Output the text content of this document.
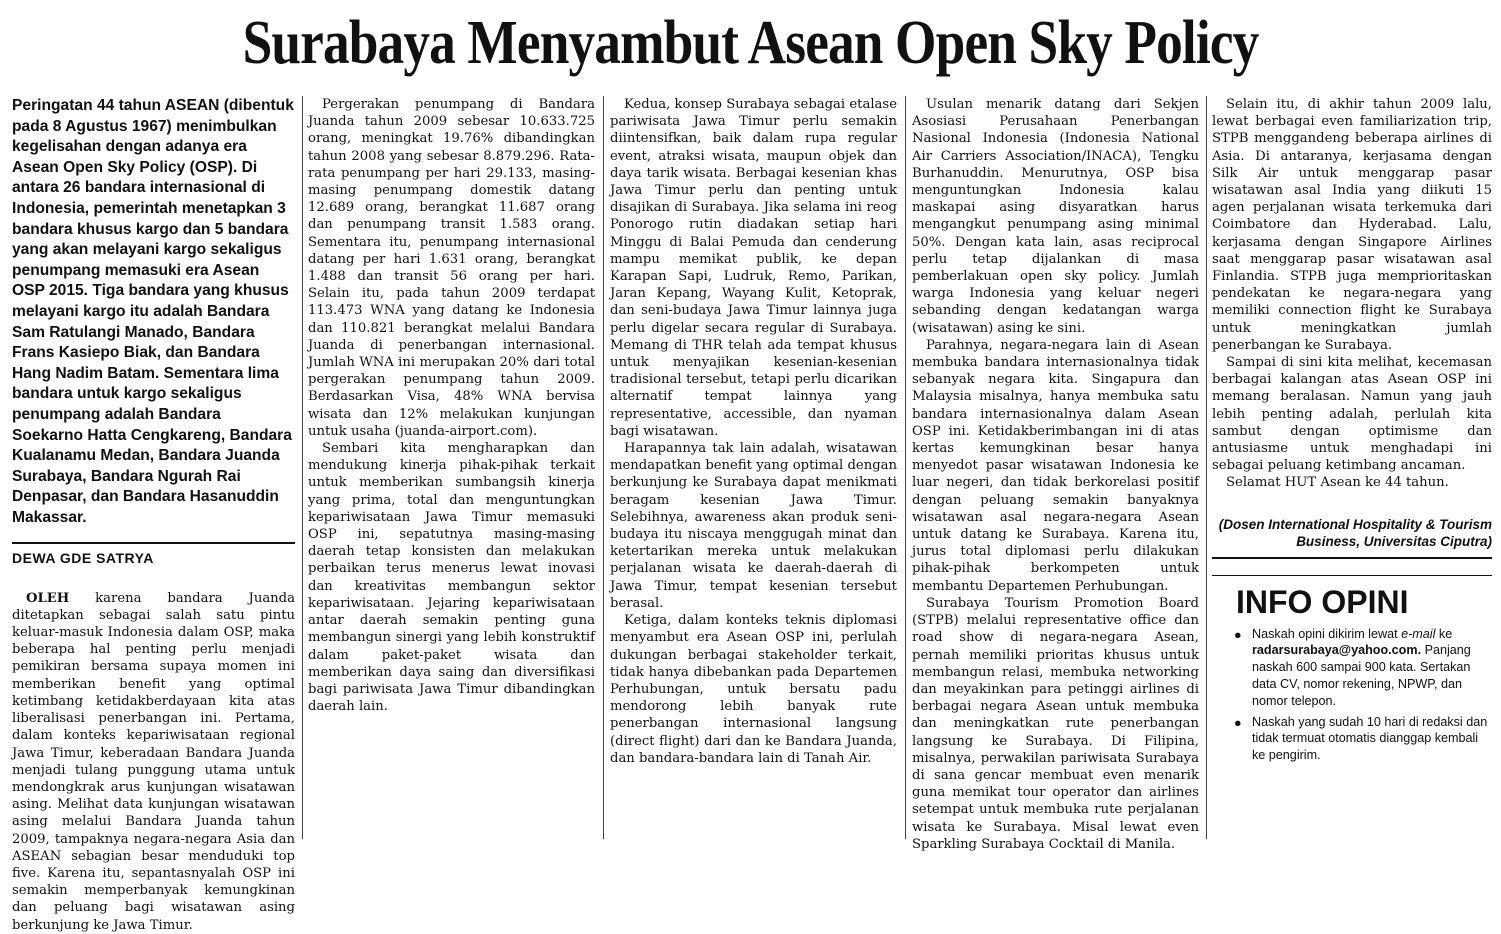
Surabaya Menyambut Asean Open Sky Policy

Peringatan 44 tahun ASEAN (dibentuk pada 8 Agustus 1967) menimbulkan kegelisahan dengan adanya era Asean Open Sky Policy (OSP). Di antara 26 bandara internasional di Indonesia, pemerintah menetapkan 3 bandara khusus kargo dan 5 bandara yang akan melayani kargo sekaligus penumpang memasuki era Asean OSP 2015. Tiga bandara yang khusus melayani kargo itu adalah Bandara Sam Ratulangi Manado, Bandara Frans Kasiepo Biak, dan Bandara Hang Nadim Batam. Sementara lima bandara untuk kargo sekaligus penumpang adalah Bandara Soekarno Hatta Cengkareng, Bandara Kualanamu Medan, Bandara Juanda Surabaya, Bandara Ngurah Rai Denpasar, dan Bandara Hasanuddin Makassar.

DEWA GDE SATRYA

OLEH karena bandara Juanda ditetapkan sebagai salah satu pintu keluar-masuk Indonesia dalam OSP, maka beberapa hal penting perlu menjadi pemikiran bersama supaya momen ini memberikan benefit yang optimal ketimbang ketidakberdayaan kita atas liberalisasi penerbangan ini. Pertama, dalam konteks kepariwisataan regional Jawa Timur, keberadaan Bandara Juanda menjadi tulang punggung utama untuk mendongkrak arus kunjungan wisatawan asing. Melihat data kunjungan wisatawan asing melalui Bandara Juanda tahun 2009, tampaknya negara-negara Asia dan ASEAN sebagian besar menduduki top five. Karena itu, sepantasnyalah OSP ini semakin memperbanyak kemungkinan dan peluang bagi wisatawan asing berkunjung ke Jawa Timur.

Pergerakan penumpang di Bandara Juanda tahun 2009 sebesar 10.633.725 orang, meningkat 19.76% dibandingkan tahun 2008 yang sebesar 8.879.296. Rata-rata penumpang per hari 29.133, masing-masing penumpang domestik datang 12.689 orang, berangkat 11.687 orang dan penumpang transit 1.583 orang. Sementara itu, penumpang internasional datang per hari 1.631 orang, berangkat 1.488 dan transit 56 orang per hari. Selain itu, pada tahun 2009 terdapat 113.473 WNA yang datang ke Indonesia dan 110.821 berangkat melalui Bandara Juanda di penerbangan internasional. Jumlah WNA ini merupakan 20% dari total pergerakan penumpang tahun 2009. Berdasarkan Visa, 48% WNA bervisa wisata dan 12% melakukan kunjungan untuk usaha (juanda-airport.com).

Sembari kita mengharapkan dan mendukung kinerja pihak-pihak terkait untuk memberikan sumbangsih kinerja yang prima, total dan menguntungkan kepariwisataan Jawa Timur memasuki OSP ini, sepatutnya masing-masing daerah tetap konsisten dan melakukan perbaikan terus menerus lewat inovasi dan kreativitas membangun sektor kepariwisataan. Jejaring kepariwisataan antar daerah semakin penting guna membangun sinergi yang lebih konstruktif dalam paket-paket wisata dan memberikan daya saing dan diversifikasi bagi pariwisata Jawa Timur dibandingkan daerah lain.

Kedua, konsep Surabaya sebagai etalase pariwisata Jawa Timur perlu semakin diintensifkan, baik dalam rupa regular event, atraksi wisata, maupun objek dan daya tarik wisata. Berbagai kesenian khas Jawa Timur perlu dan penting untuk disajikan di Surabaya. Jika selama ini reog Ponorogo rutin diadakan setiap hari Minggu di Balai Pemuda dan cenderung mampu memikat publik, ke depan Karapan Sapi, Ludruk, Remo, Parikan, Jaran Kepang, Wayang Kulit, Ketoprak, dan seni-budaya Jawa Timur lainnya juga perlu digelar secara regular di Surabaya. Memang di THR telah ada tempat khusus untuk menyajikan kesenian-kesenian tradisional tersebut, tetapi perlu dicarikan alternatif tempat lainnya yang representative, accessible, dan nyaman bagi wisatawan.

Harapannya tak lain adalah, wisatawan mendapatkan benefit yang optimal dengan berkunjung ke Surabaya dapat menikmati beragam kesenian Jawa Timur. Selebihnya, awareness akan produk seni-budaya itu niscaya menggugah minat dan ketertarikan mereka untuk melakukan perjalanan wisata ke daerah-daerah di Jawa Timur, tempat kesenian tersebut berasal.

Ketiga, dalam konteks teknis diplomasi menyambut era Asean OSP ini, perlulah dukungan berbagai stakeholder terkait, tidak hanya dibebankan pada Departemen Perhubungan, untuk bersatu padu mendorong lebih banyak rute penerbangan internasional langsung (direct flight) dari dan ke Bandara Juanda, dan bandara-bandara lain di Tanah Air.

Usulan menarik datang dari Sekjen Asosiasi Perusahaan Penerbangan Nasional Indonesia (Indonesia National Air Carriers Association/INACA), Tengku Burhanuddin. Menurutnya, OSP bisa menguntungkan Indonesia kalau maskapai asing disyaratkan harus mengangkut penumpang asing minimal 50%. Dengan kata lain, asas reciprocal perlu tetap dijalankan di masa pemberlakuan open sky policy. Jumlah warga Indonesia yang keluar negeri sebanding dengan kedatangan warga (wisatawan) asing ke sini.

Parahnya, negara-negara lain di Asean membuka bandara internasionalnya tidak sebanyak negara kita. Singapura dan Malaysia misalnya, hanya membuka satu bandara internasionalnya dalam Asean OSP ini. Ketidakberimbangan ini di atas kertas kemungkinan besar hanya menyedot pasar wisatawan Indonesia ke luar negeri, dan tidak berkorelasi positif dengan peluang semakin banyaknya wisatawan asal negara-negara Asean untuk datang ke Surabaya. Karena itu, jurus total diplomasi perlu dilakukan pihak-pihak berkompeten untuk membantu Departemen Perhubungan.

Surabaya Tourism Promotion Board (STPB) melalui representative office dan road show di negara-negara Asean, pernah memiliki prioritas khusus untuk membangun relasi, membuka networking dan meyakinkan para petinggi airlines di berbagai negara Asean untuk membuka dan meningkatkan rute penerbangan langsung ke Surabaya. Di Filipina, misalnya, perwakilan pariwisata Surabaya di sana gencar membuat even menarik guna memikat tour operator dan airlines setempat untuk membuka rute perjalanan wisata ke Surabaya. Misal lewat even Sparkling Surabaya Cocktail di Manila.

Selain itu, di akhir tahun 2009 lalu, lewat berbagai even familiarization trip, STPB menggandeng beberapa airlines di Asia. Di antaranya, kerjasama dengan Silk Air untuk menggarap pasar wisatawan asal India yang diikuti 15 agen perjalanan wisata terkemuka dari Coimbatore dan Hyderabad. Lalu, kerjasama dengan Singapore Airlines saat menggarap pasar wisatawan asal Finlandia. STPB juga memprioritaskan pendekatan ke negara-negara yang memiliki connection flight ke Surabaya untuk meningkatkan jumlah penerbangan ke Surabaya.

Sampai di sini kita melihat, kecemasan berbagai kalangan atas Asean OSP ini memang beralasan. Namun yang jauh lebih penting adalah, perlulah kita sambut dengan optimisme dan antusiasme untuk menghadapi ini sebagai peluang ketimbang ancaman.

Selamat HUT Asean ke 44 tahun.

(Dosen International Hospitality & Tourism Business, Universitas Ciputra)
INFO OPINI
● Naskah opini dikirim lewat e-mail ke radarsurabaya@yahoo.com. Panjang naskah 600 sampai 900 kata. Sertakan data CV, nomor rekening, NPWP, dan nomor telepon.
● Naskah yang sudah 10 hari di redaksi dan tidak termuat otomatis dianggap kembali ke pengirim.
